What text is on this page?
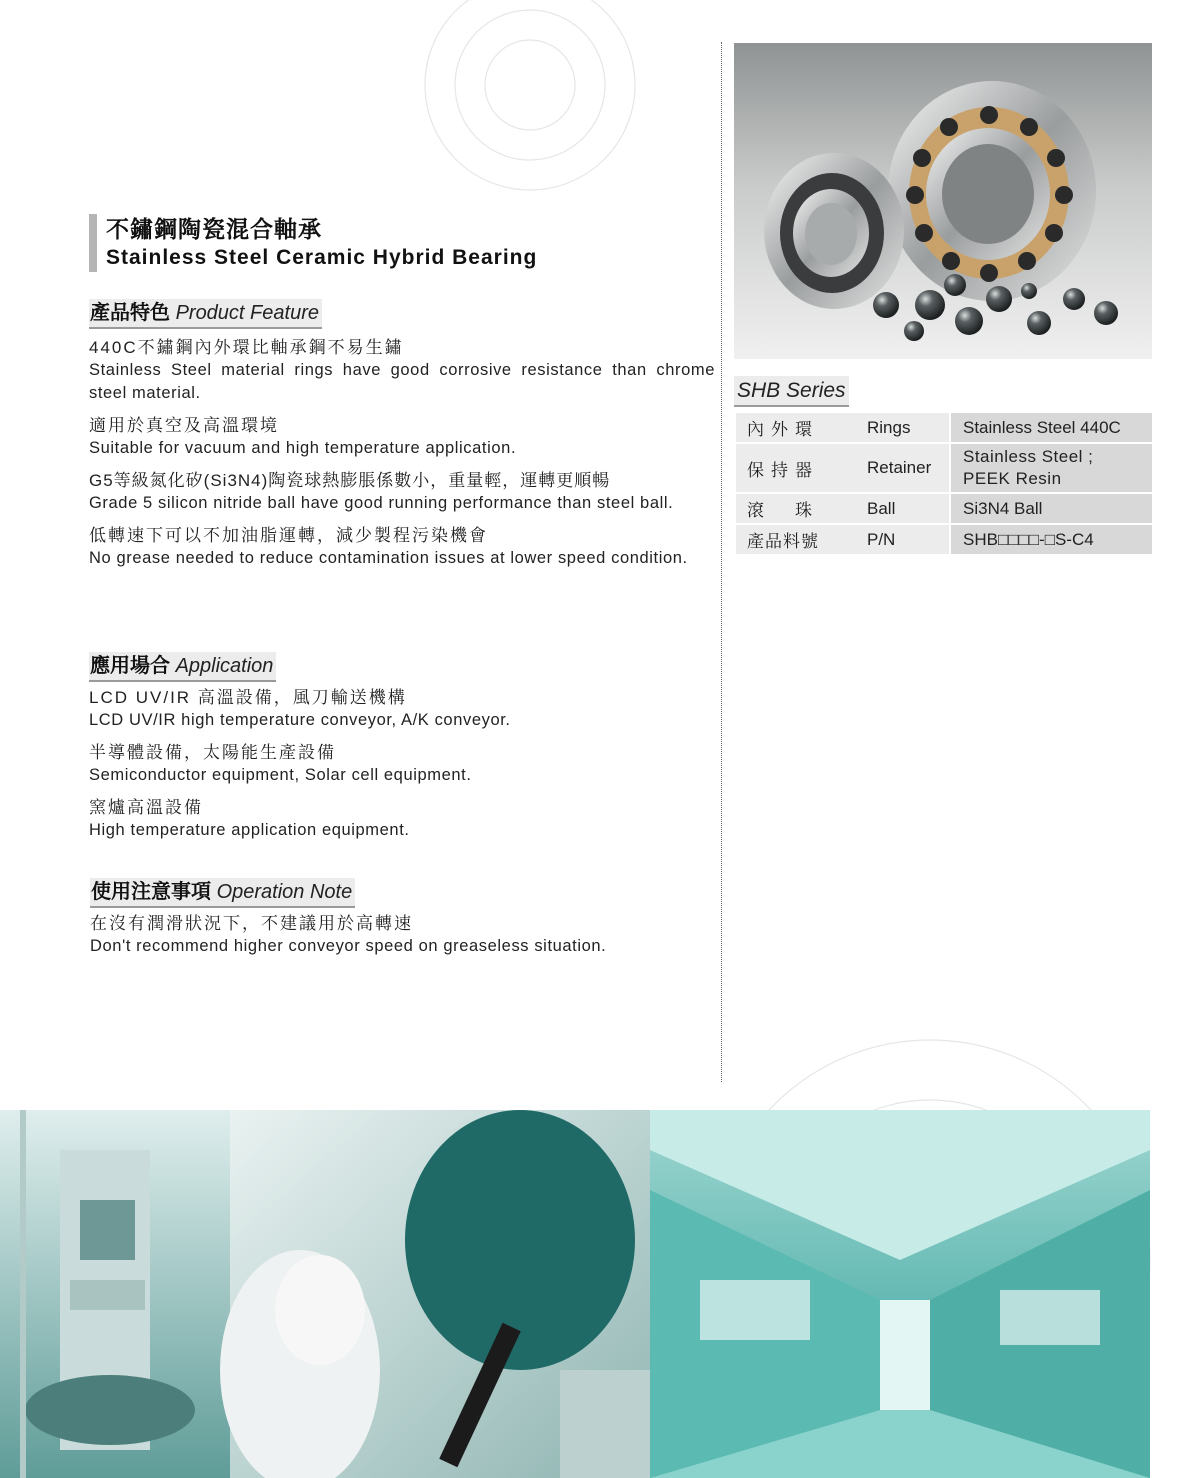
不鏽鋼陶瓷混合軸承
Stainless Steel Ceramic Hybrid Bearing
產品特色 Product Feature
440C不鏽鋼內外環比軸承鋼不易生鏽
Stainless Steel material rings have good corrosive resistance than chrome steel material.
適用於真空及高溫環境
Suitable for vacuum and high temperature application.
G5等級氮化矽(Si3N4)陶瓷球熱膨脹係數小，重量輕，運轉更順暢
Grade 5 silicon nitride ball have good running performance than steel ball.
低轉速下可以不加油脂運轉，減少製程污染機會
No grease needed to reduce contamination issues at lower speed condition.
應用場合 Application
LCD UV/IR 高溫設備，風刀輸送機構
LCD UV/IR high temperature conveyor, A/K conveyor.
半導體設備，太陽能生產設備
Semiconductor equipment, Solar cell equipment.
窯爐高溫設備
High temperature application equipment.
使用注意事項 Operation Note
在沒有潤滑狀況下，不建議用於高轉速
Don't recommend higher conveyor speed on greaseless situation.
SHB Series
內外環	Rings	Stainless Steel 440C
保持器	Retainer	Stainless Steel ; PEEK Resin
滾　珠	Ball	Si3N4 Ball
產品料號	P/N	SHB□□□□-□S-C4
